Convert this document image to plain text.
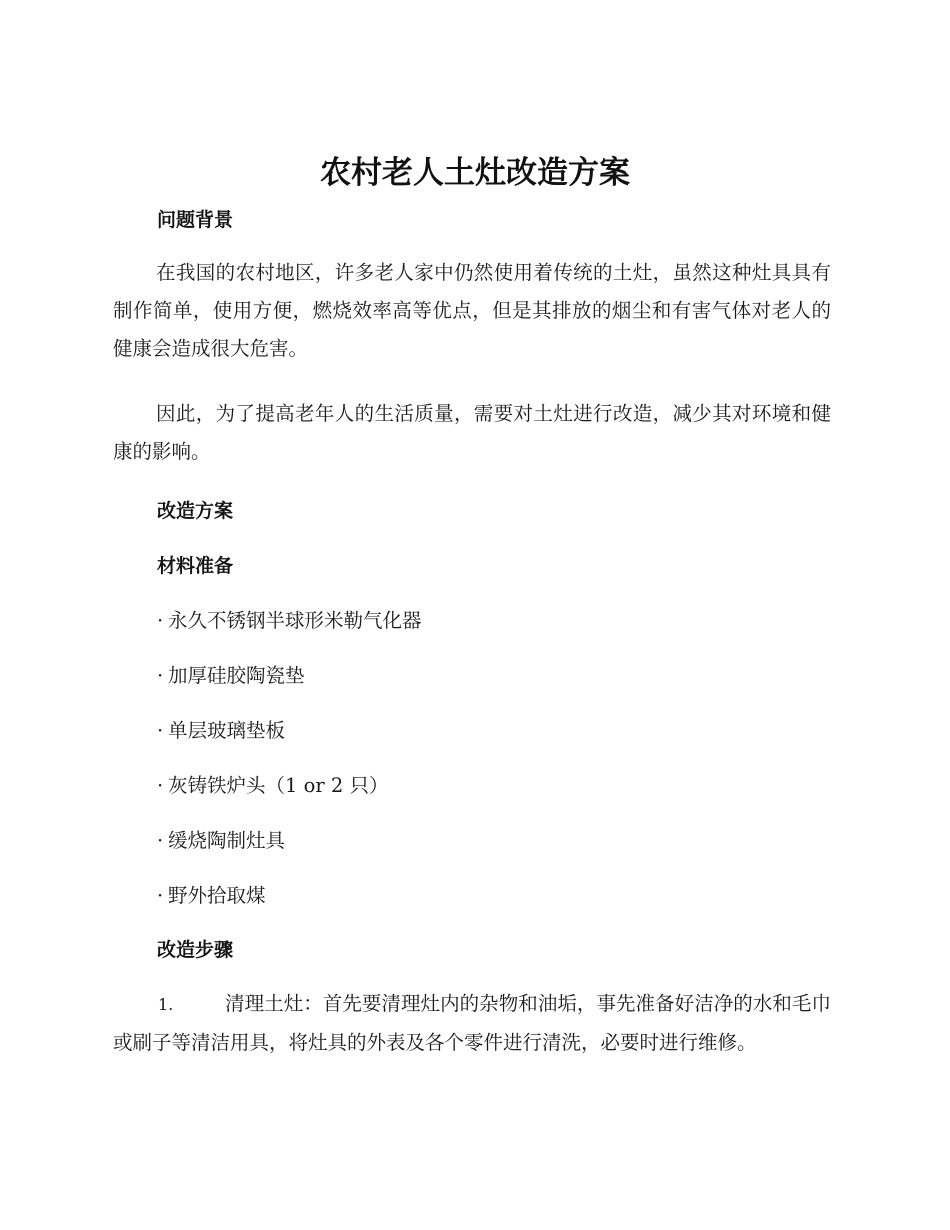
农村老人土灶改造方案
问题背景

在我国的农村地区，许多老人家中仍然使用着传统的土灶，虽然这种灶具具有制作简单，使用方便，燃烧效率高等优点，但是其排放的烟尘和有害气体对老人的健康会造成很大危害。

因此，为了提高老年人的生活质量，需要对土灶进行改造，减少其对环境和健康的影响。

改造方案
材料准备
· 永久不锈钢半球形米勒气化器
· 加厚硅胶陶瓷垫
· 单层玻璃垫板
· 灰铸铁炉头（1 or 2 只）
· 缓烧陶制灶具
· 野外拾取煤
改造步骤

1.	清理土灶：首先要清理灶内的杂物和油垢，事先准备好洁净的水和毛巾或刷子等清洁用具，将灶具的外表及各个零件进行清洗，必要时进行维修。
